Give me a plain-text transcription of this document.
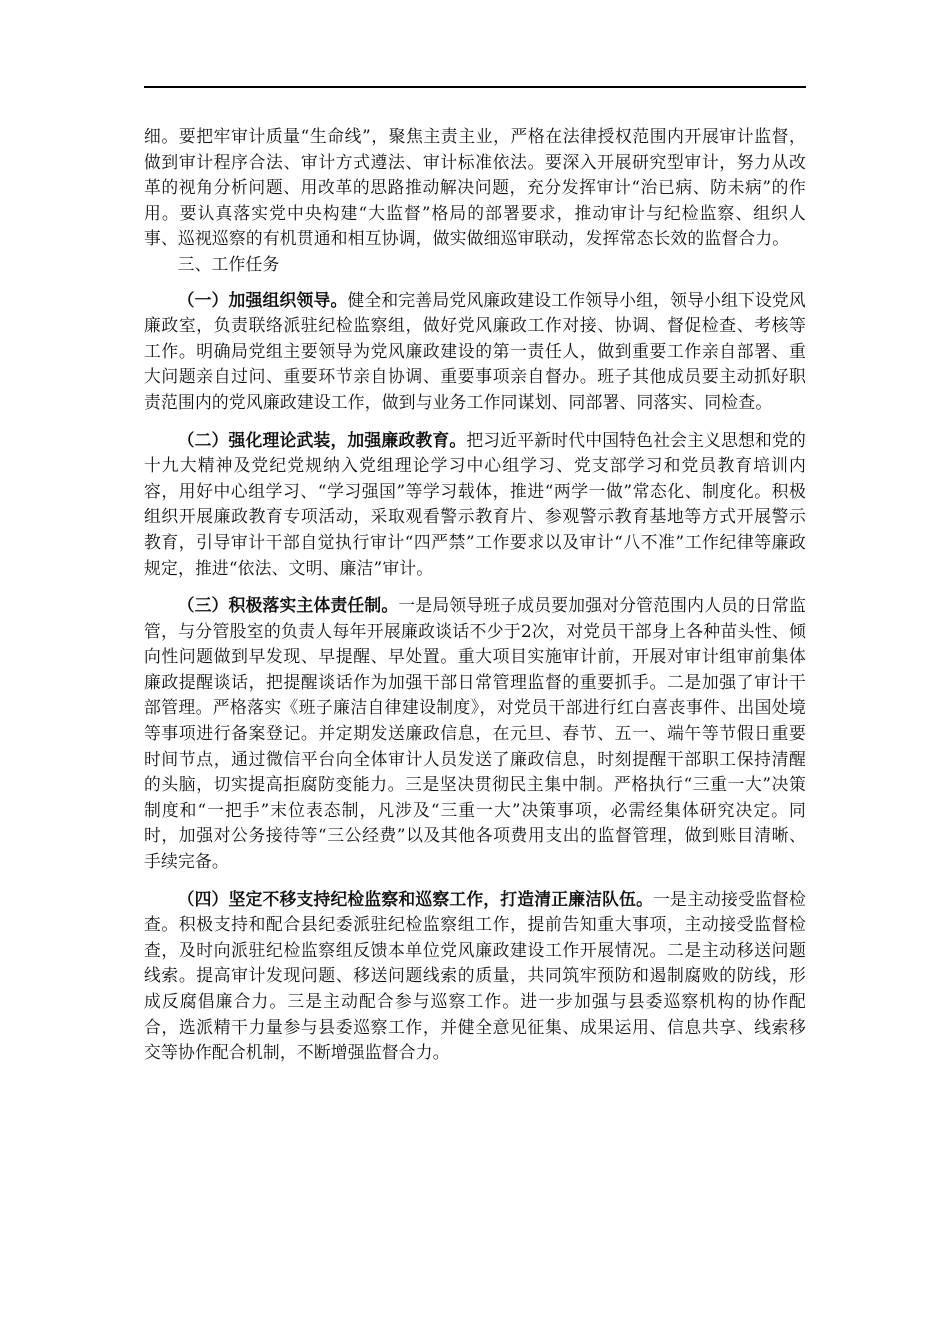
细。要把牢审计质量“生命线”，聚焦主责主业，严格在法律授权范围内开展审计监督，做到审计程序合法、审计方式遵法、审计标准依法。要深入开展研究型审计，努力从改革的视角分析问题、用改革的思路推动解决问题，充分发挥审计“治已病、防未病”的作用。要认真落实党中央构建“大监督”格局的部署要求，推动审计与纪检监察、组织人事、巡视巡察的有机贯通和相互协调，做实做细巡审联动，发挥常态长效的监督合力。

三、工作任务

（一）加强组织领导。健全和完善局党风廉政建设工作领导小组，领导小组下设党风廉政室，负责联络派驻纪检监察组，做好党风廉政工作对接、协调、督促检查、考核等工作。明确局党组主要领导为党风廉政建设的第一责任人，做到重要工作亲自部署、重大问题亲自过问、重要环节亲自协调、重要事项亲自督办。班子其他成员要主动抓好职责范围内的党风廉政建设工作，做到与业务工作同谋划、同部署、同落实、同检查。

（二）强化理论武装，加强廉政教育。把习近平新时代中国特色社会主义思想和党的十九大精神及党纪党规纳入党组理论学习中心组学习、党支部学习和党员教育培训内容，用好中心组学习、“学习强国”等学习载体，推进“两学一做”常态化、制度化。积极组织开展廉政教育专项活动，采取观看警示教育片、参观警示教育基地等方式开展警示教育，引导审计干部自觉执行审计“四严禁”工作要求以及审计“八不准”工作纪律等廉政规定，推进“依法、文明、廉洁”审计。

（三）积极落实主体责任制。一是局领导班子成员要加强对分管范围内人员的日常监管，与分管股室的负责人每年开展廉政谈话不少于2次，对党员干部身上各种苗头性、倾向性问题做到早发现、早提醒、早处置。重大项目实施审计前，开展对审计组审前集体廉政提醒谈话，把提醒谈话作为加强干部日常管理监督的重要抓手。二是加强了审计干部管理。严格落实《班子廉洁自律建设制度》，对党员干部进行红白喜丧事件、出国处境等事项进行备案登记。并定期发送廉政信息，在元旦、春节、五一、端午等节假日重要时间节点，通过微信平台向全体审计人员发送了廉政信息，时刻提醒干部职工保持清醒的头脑，切实提高拒腐防变能力。三是坚决贯彻民主集中制。严格执行“三重一大”决策制度和“一把手”末位表态制，凡涉及“三重一大”决策事项，必需经集体研究决定。同时，加强对公务接待等“三公经费”以及其他各项费用支出的监督管理，做到账目清晰、手续完备。

（四）坚定不移支持纪检监察和巡察工作，打造清正廉洁队伍。一是主动接受监督检查。积极支持和配合县纪委派驻纪检监察组工作，提前告知重大事项，主动接受监督检查，及时向派驻纪检监察组反馈本单位党风廉政建设工作开展情况。二是主动移送问题线索。提高审计发现问题、移送问题线索的质量，共同筑牢预防和遏制腐败的防线，形成反腐倡廉合力。三是主动配合参与巡察工作。进一步加强与县委巡察机构的协作配合，选派精干力量参与县委巡察工作，并健全意见征集、成果运用、信息共享、线索移交等协作配合机制，不断增强监督合力。
